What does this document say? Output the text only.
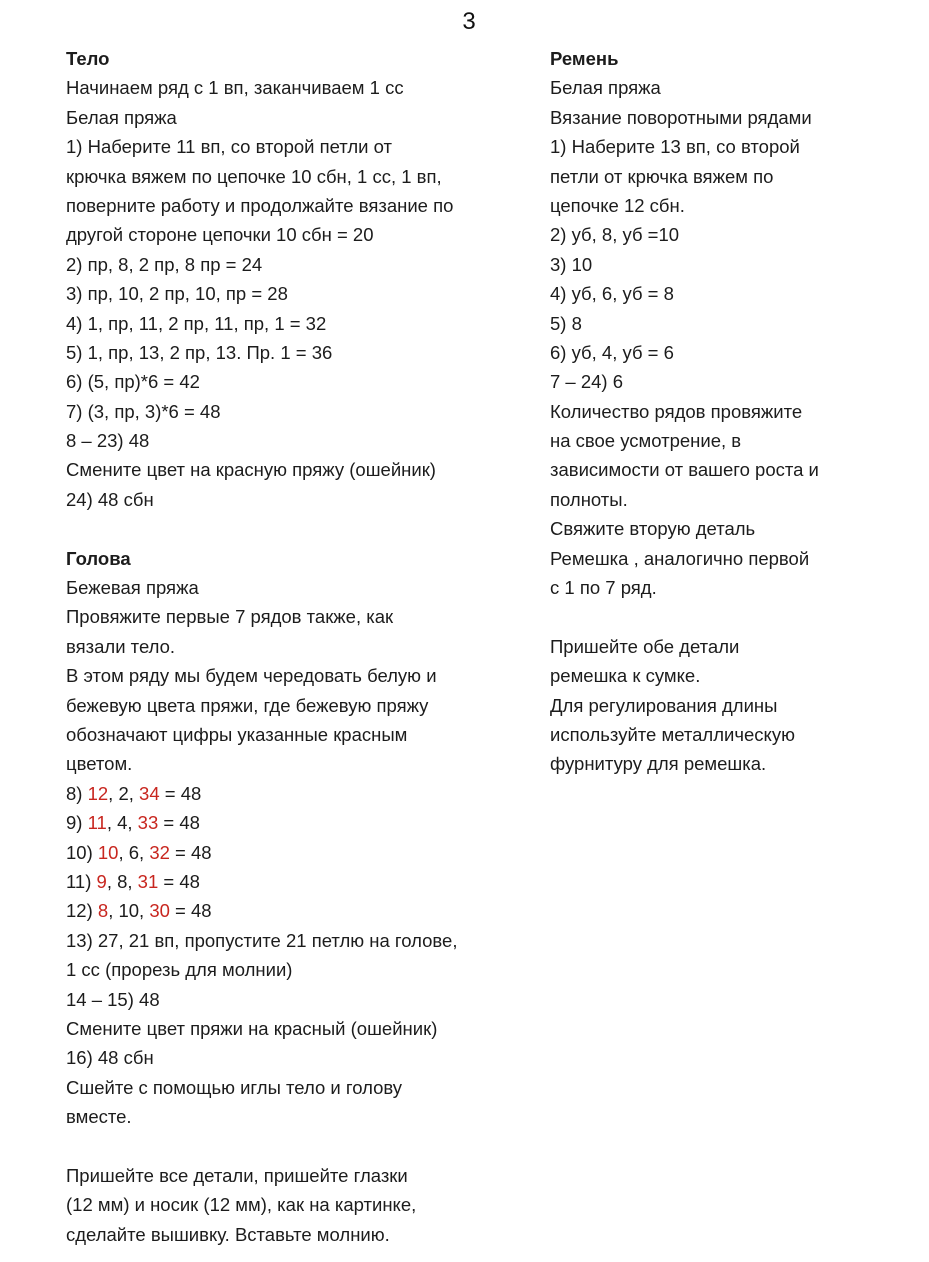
3
Тело
Начинаем ряд с 1 вп, заканчиваем 1 сс
Белая пряжа
1) Наберите 11 вп, со второй петли от
крючка вяжем по цепочке 10 сбн, 1 сс, 1 вп,
поверните работу и продолжайте вязание по
другой стороне цепочки 10 сбн = 20
2) пр, 8, 2 пр, 8 пр = 24
3) пр, 10, 2 пр, 10, пр = 28
4) 1, пр, 11, 2 пр, 11, пр, 1 = 32
5) 1, пр, 13, 2 пр, 13. Пр. 1 = 36
6) (5, пр)*6 = 42
7) (3, пр, 3)*6 = 48
8 – 23) 48
Смените цвет на красную пряжу (ошейник)
24) 48 сбн
Голова
Бежевая пряжа
Провяжите первые 7 рядов также, как
вязали тело.
В этом ряду мы будем чередовать белую и
бежевую цвета пряжи, где бежевую пряжу
обозначают цифры указанные красным
цветом.
8) 12, 2, 34 = 48
9) 11, 4, 33 = 48
10) 10, 6, 32 = 48
11) 9, 8, 31 = 48
12) 8, 10, 30 = 48
13) 27, 21 вп, пропустите 21 петлю на голове,
1 сс (прорезь для молнии)
14 – 15) 48
Смените цвет пряжи на красный (ошейник)
16) 48 сбн
Сшейте с помощью иглы тело и голову
вместе.
Пришейте все детали, пришейте глазки
(12 мм) и носик (12 мм), как на картинке,
сделайте вышивку. Вставьте молнию.
Ремень
Белая пряжа
Вязание поворотными рядами
1) Наберите 13 вп, со второй
петли от крючка вяжем по
цепочке 12 сбн.
2) уб, 8, уб =10
3) 10
4) уб, 6, уб = 8
5) 8
6) уб, 4, уб = 6
7 – 24) 6
Количество рядов провяжите
на свое усмотрение, в
зависимости от вашего роста и
полноты.
Свяжите вторую деталь
Ремешка , аналогично первой
с 1 по 7 ряд.
Пришейте обе детали
ремешка к сумке.
Для регулирования длины
используйте металлическую
фурнитуру для ремешка.
